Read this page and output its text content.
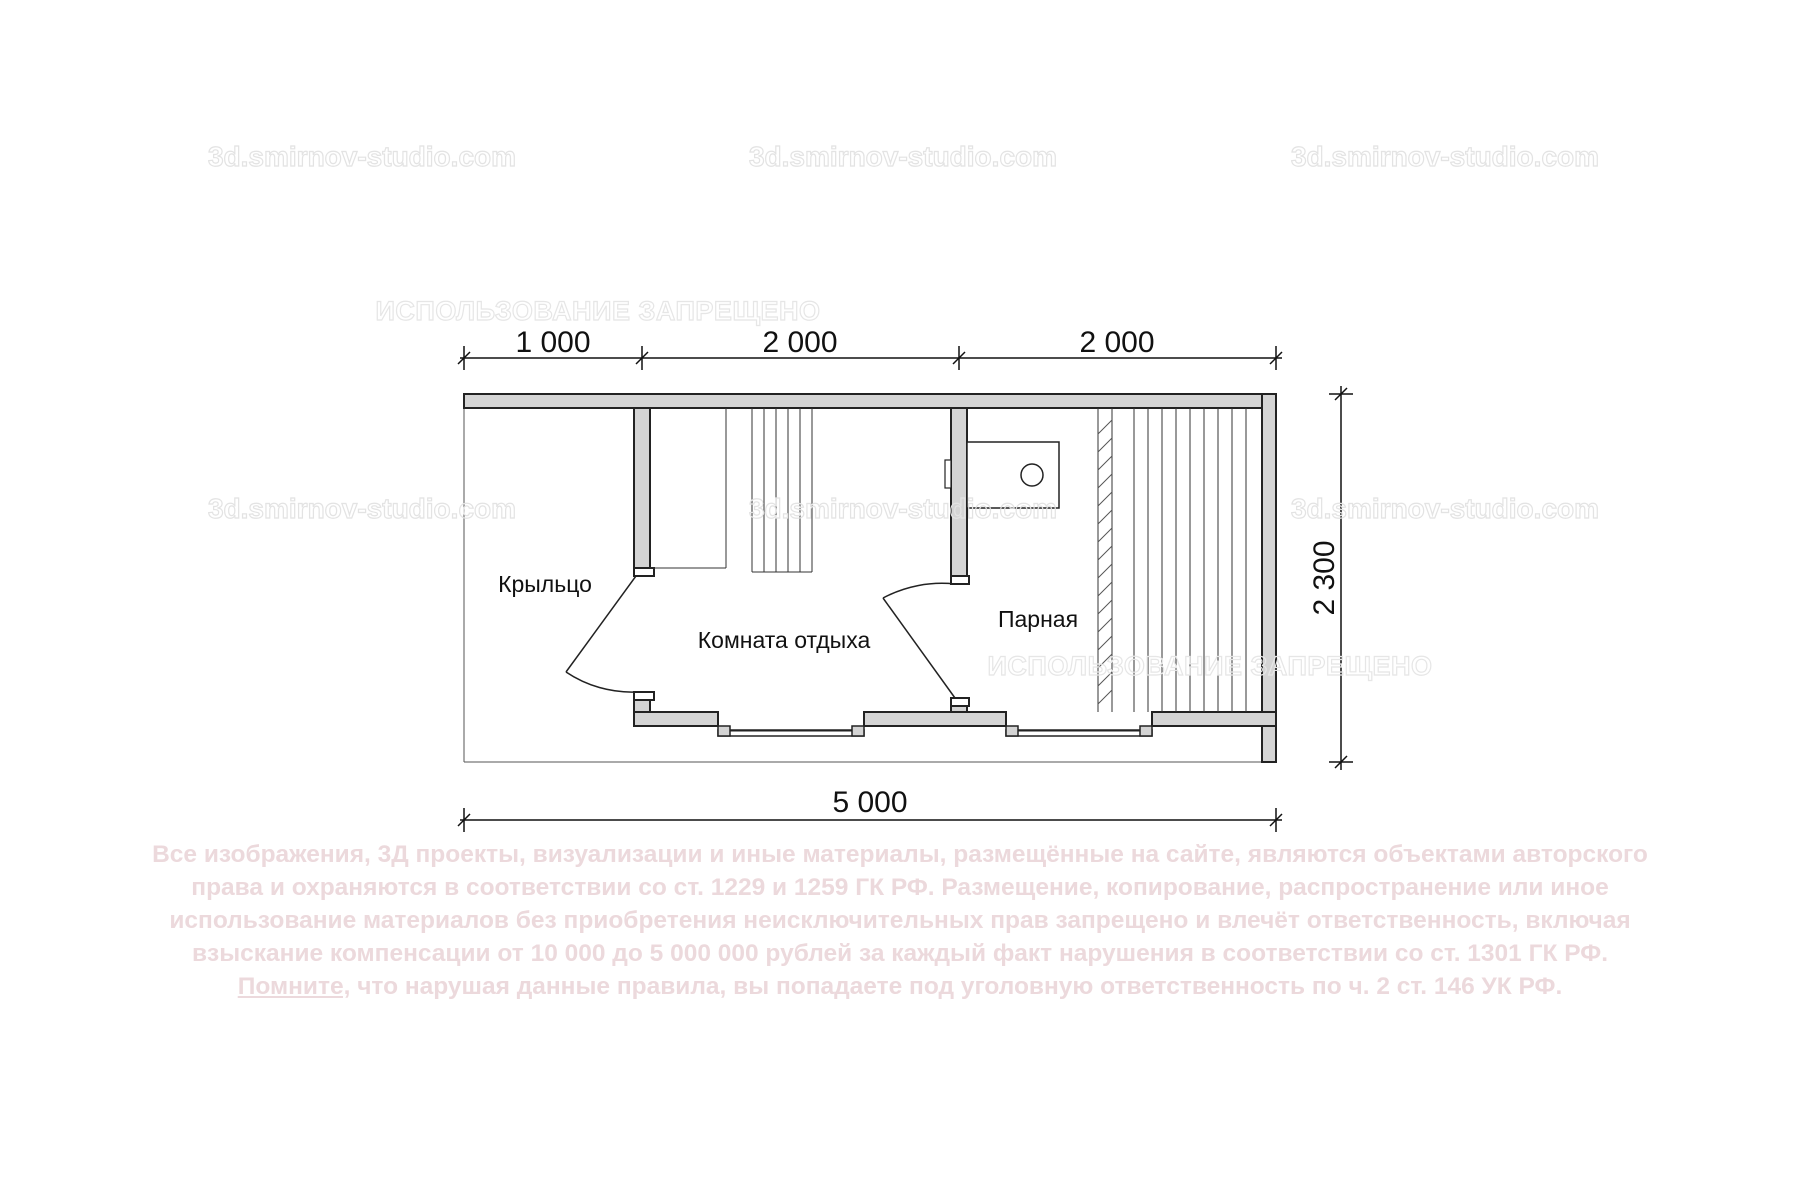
3d.smirnov-studio.com	3d.smirnov-studio.com	3d.smirnov-studio.com
1 000	2 000	2 000
5 000
2 300
Крыльцо
Комната отдыха
Парная
ИСПОЛЬЗОВАНИЕ ЗАПРЕЩЕНО
3d.smirnov-studio.com	3d.smirnov-studio.com	3d.smirnov-studio.com
ИСПОЛЬЗОВАНИЕ ЗАПРЕЩЕНО

Все изображения, 3Д проекты, визуализации и иные материалы, размещённые на сайте, являются объектами авторского

права и охраняются в соответствии со ст. 1229 и 1259 ГК РФ. Размещение, копирование, распространение или иное

использование материалов без приобретения неисключительных прав запрещено и влечёт ответственность, включая

взыскание компенсации от 10 000 до 5 000 000 рублей за каждый факт нарушения в соответствии со ст. 1301 ГК РФ.

Помните, что нарушая данные правила, вы попадаете под уголовную ответственность по ч. 2 ст. 146 УК РФ.
